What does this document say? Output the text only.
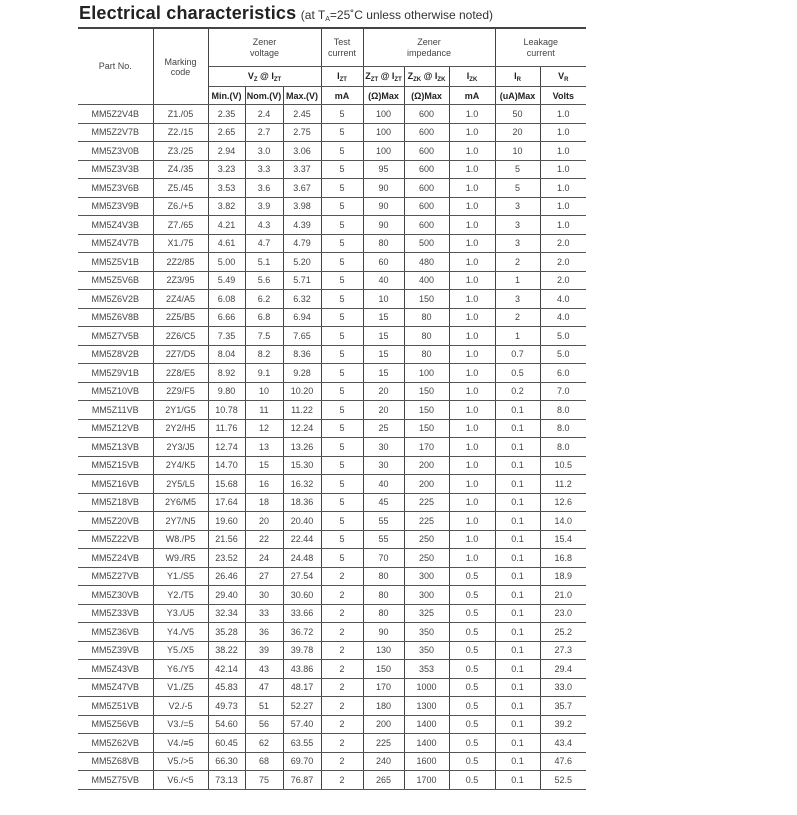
Electrical characteristics (at $T_A=25˚C$ unless otherwise noted)
Part No.	Marking code	Zener voltage			Test current	Zener impedance			Leakage current	
		$V_Z$ @ $I_{ZT}$			$I_{ZT}$	$Z_{ZT}$ @ $I_{ZT}$	$Z_{ZK}$ @ $I_{ZK}$	$I_{ZK}$	$I_R$	$V_R$
		Min.(V)	Nom.(V)	Max.(V)	mA	(Ω)Max	(Ω)Max	mA	(uA)Max	Volts
MM5Z2V4B	Z1./05	2.35	2.4	2.45	5	100	600	1.0	50	1.0
MM5Z2V7B	Z2./15	2.65	2.7	2.75	5	100	600	1.0	20	1.0
MM5Z3V0B	Z3./25	2.94	3.0	3.06	5	100	600	1.0	10	1.0
MM5Z3V3B	Z4./35	3.23	3.3	3.37	5	95	600	1.0	5	1.0
MM5Z3V6B	Z5./45	3.53	3.6	3.67	5	90	600	1.0	5	1.0
MM5Z3V9B	Z6./+5	3.82	3.9	3.98	5	90	600	1.0	3	1.0
MM5Z4V3B	Z7./65	4.21	4.3	4.39	5	90	600	1.0	3	1.0
MM5Z4V7B	X1./75	4.61	4.7	4.79	5	80	500	1.0	3	2.0
MM5Z5V1B	2Z2/85	5.00	5.1	5.20	5	60	480	1.0	2	2.0
MM5Z5V6B	2Z3/95	5.49	5.6	5.71	5	40	400	1.0	1	2.0
MM5Z6V2B	2Z4/A5	6.08	6.2	6.32	5	10	150	1.0	3	4.0
MM5Z6V8B	2Z5/B5	6.66	6.8	6.94	5	15	80	1.0	2	4.0
MM5Z7V5B	2Z6/C5	7.35	7.5	7.65	5	15	80	1.0	1	5.0
MM5Z8V2B	2Z7/D5	8.04	8.2	8.36	5	15	80	1.0	0.7	5.0
MM5Z9V1B	2Z8/E5	8.92	9.1	9.28	5	15	100	1.0	0.5	6.0
MM5Z10VB	2Z9/F5	9.80	10	10.20	5	20	150	1.0	0.2	7.0
MM5Z11VB	2Y1/G5	10.78	11	11.22	5	20	150	1.0	0.1	8.0
MM5Z12VB	2Y2/H5	11.76	12	12.24	5	25	150	1.0	0.1	8.0
MM5Z13VB	2Y3/J5	12.74	13	13.26	5	30	170	1.0	0.1	8.0
MM5Z15VB	2Y4/K5	14.70	15	15.30	5	30	200	1.0	0.1	10.5
MM5Z16VB	2Y5/L5	15.68	16	16.32	5	40	200	1.0	0.1	11.2
MM5Z18VB	2Y6/M5	17.64	18	18.36	5	45	225	1.0	0.1	12.6
MM5Z20VB	2Y7/N5	19.60	20	20.40	5	55	225	1.0	0.1	14.0
MM5Z22VB	W8./P5	21.56	22	22.44	5	55	250	1.0	0.1	15.4
MM5Z24VB	W9./R5	23.52	24	24.48	5	70	250	1.0	0.1	16.8
MM5Z27VB	Y1./S5	26.46	27	27.54	2	80	300	0.5	0.1	18.9
MM5Z30VB	Y2./T5	29.40	30	30.60	2	80	300	0.5	0.1	21.0
MM5Z33VB	Y3./U5	32.34	33	33.66	2	80	325	0.5	0.1	23.0
MM5Z36VB	Y4./V5	35.28	36	36.72	2	90	350	0.5	0.1	25.2
MM5Z39VB	Y5./X5	38.22	39	39.78	2	130	350	0.5	0.1	27.3
MM5Z43VB	Y6./Y5	42.14	43	43.86	2	150	353	0.5	0.1	29.4
MM5Z47VB	V1./Z5	45.83	47	48.17	2	170	1000	0.5	0.1	33.0
MM5Z51VB	V2./-5	49.73	51	52.27	2	180	1300	0.5	0.1	35.7
MM5Z56VB	V3./=5	54.60	56	57.40	2	200	1400	0.5	0.1	39.2
MM5Z62VB	V4./≡5	60.45	62	63.55	2	225	1400	0.5	0.1	43.4
MM5Z68VB	V5./>5	66.30	68	69.70	2	240	1600	0.5	0.1	47.6
MM5Z75VB	V6./<5	73.13	75	76.87	2	265	1700	0.5	0.1	52.5
